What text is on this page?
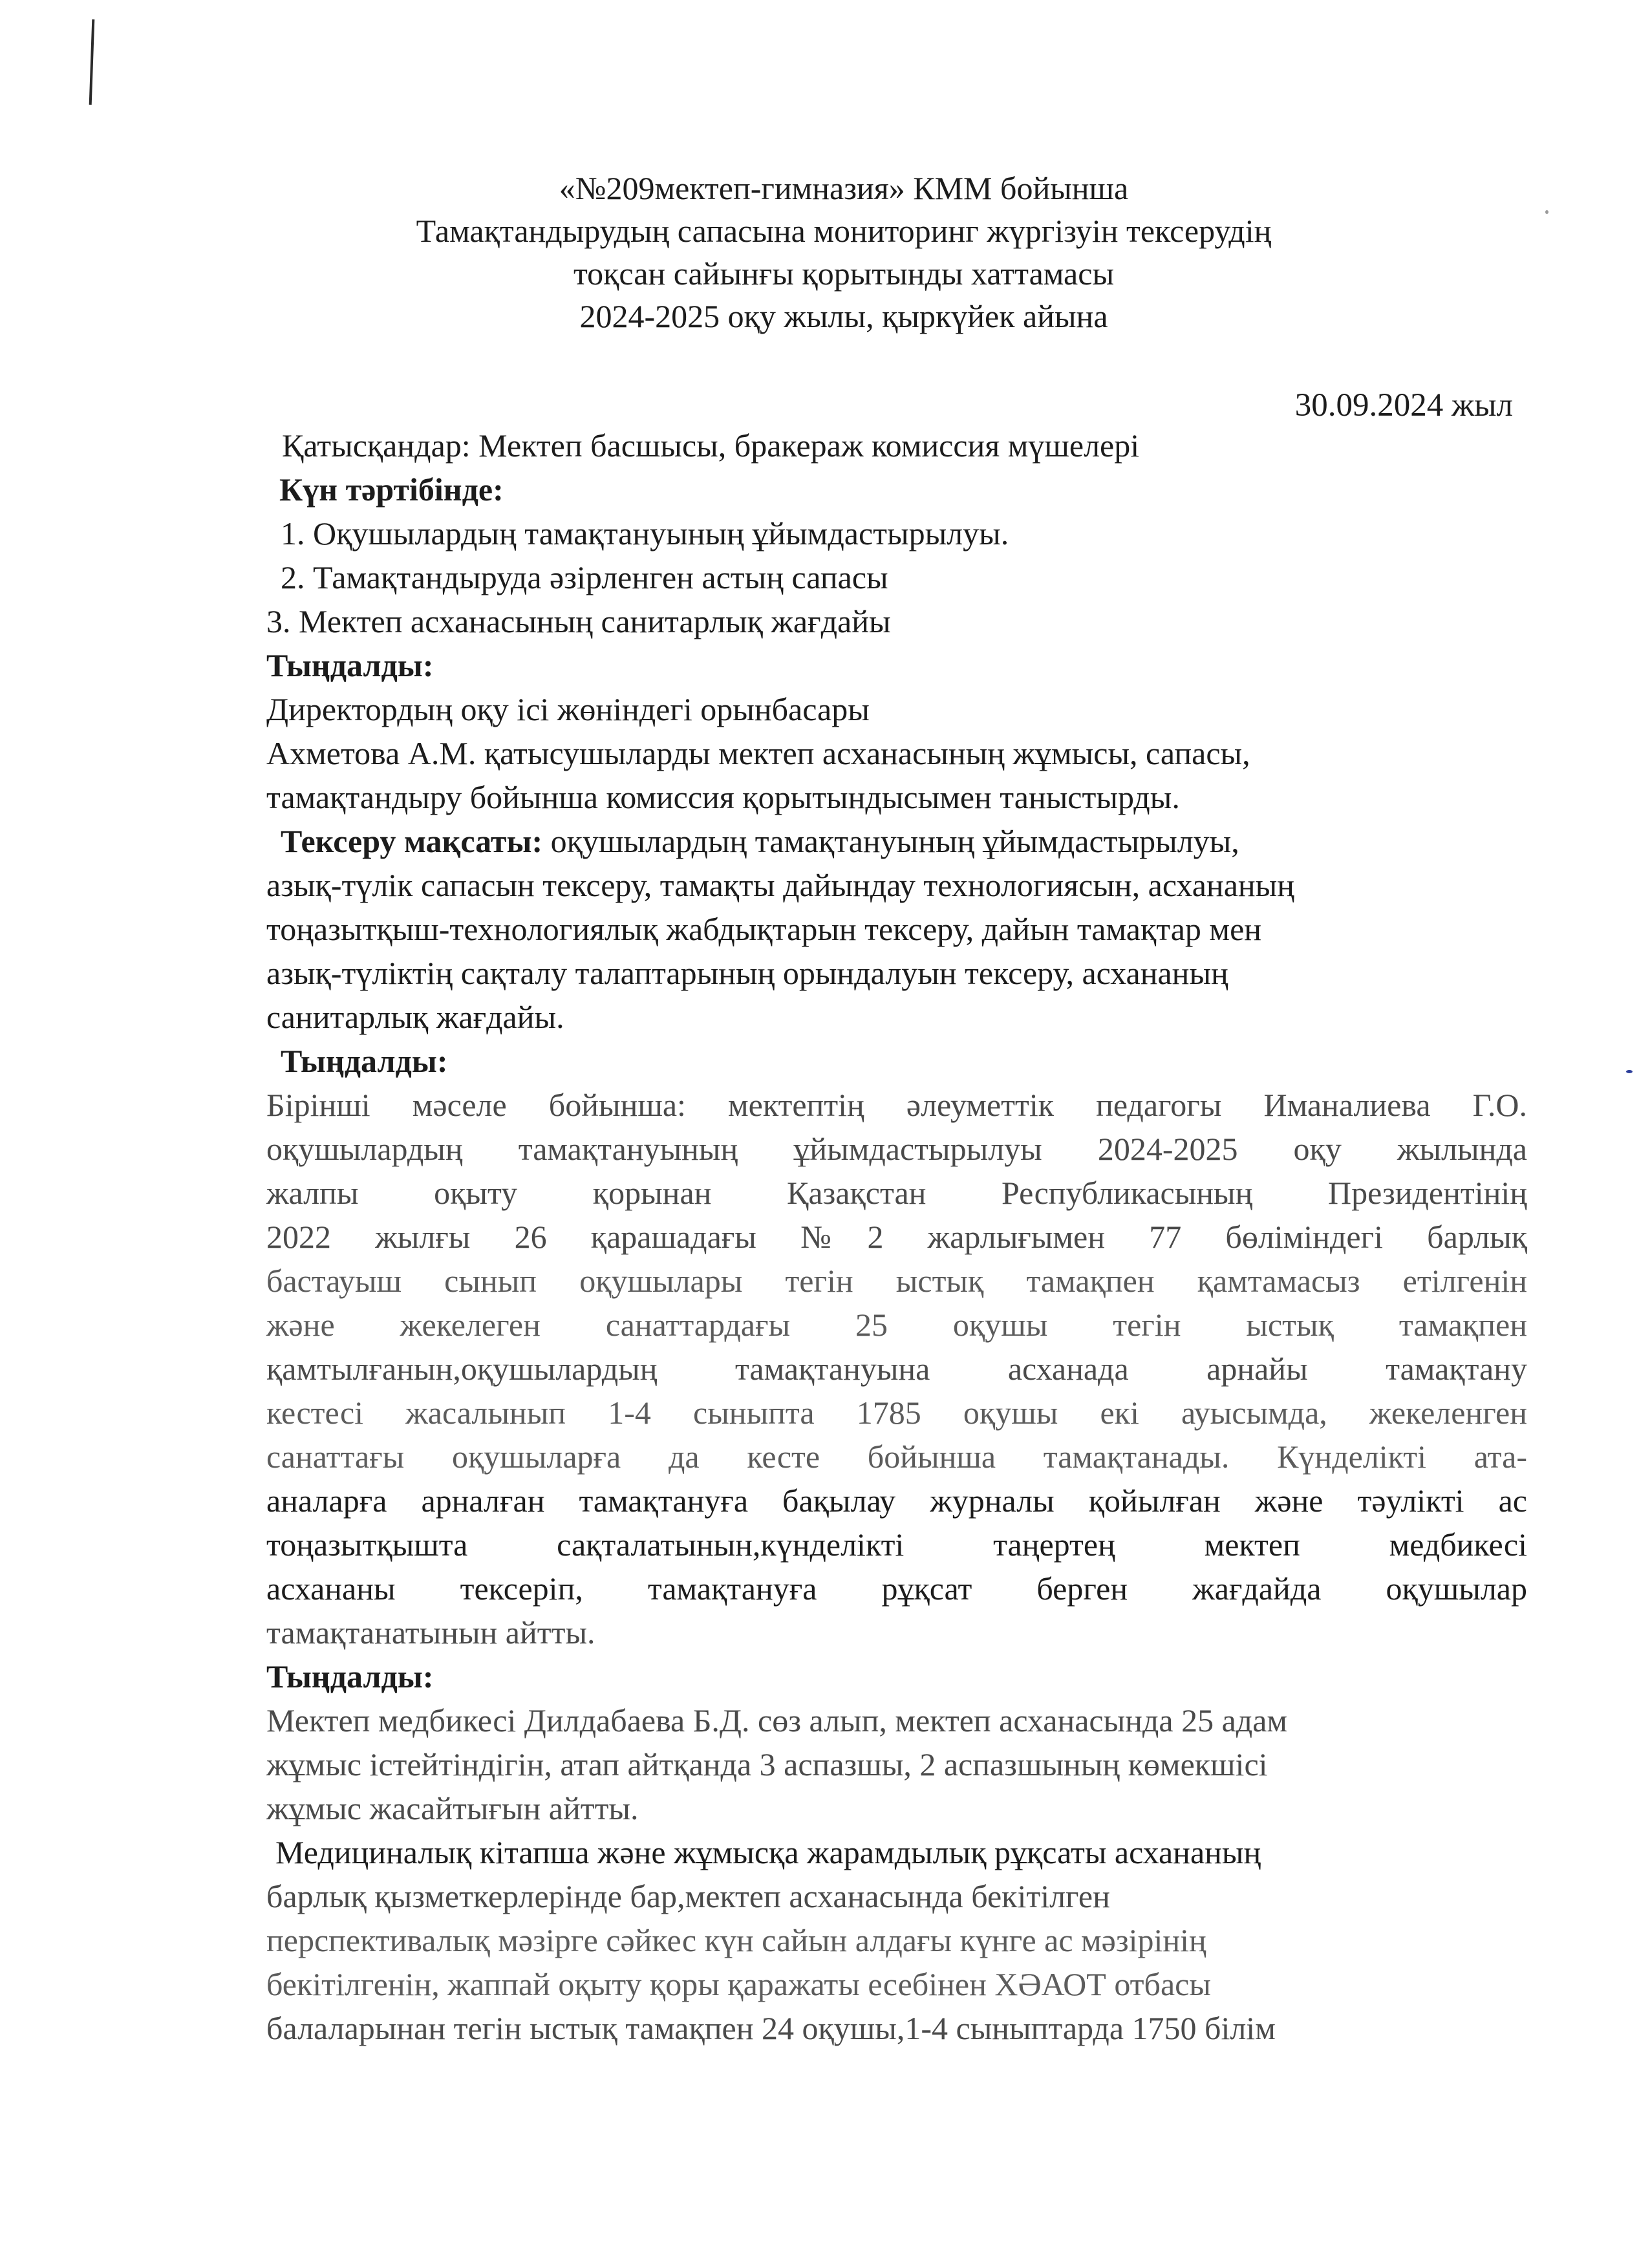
«№209мектеп-гимназия» КММ бойынша
Тамақтандырудың сапасына мониторинг жүргізуін тексерудің
тоқсан сайынғы қорытынды хаттамасы
2024-2025 оқу жылы, қыркүйек айына
30.09.2024 жыл
Қатысқандар: Мектеп басшысы, бракераж комиссия мүшелері
Күн тәртібінде:
1. Оқушылардың тамақтануының ұйымдастырылуы.
2. Тамақтандыруда әзірленген астың сапасы
3. Мектеп асханасының санитарлық жағдайы
Тыңдалды:
Директордың оқу ісі жөніндегі орынбасары
Ахметова А.М. қатысушыларды мектеп асханасының жұмысы, сапасы,
тамақтандыру бойынша комиссия қорытындысымен таныстырды.
Тексеру мақсаты: оқушылардың тамақтануының ұйымдастырылуы,
азық-түлік сапасын тексеру, тамақты дайындау технологиясын, асхананың
тоңазытқыш-технологиялық жабдықтарын тексеру, дайын тамақтар мен
азық-түліктің сақталу талаптарының орындалуын тексеру, асхананың
санитарлық жағдайы.
Тыңдалды:
Бірінші мәселе бойынша: мектептің әлеуметтік педагогы Иманалиева Г.О.
оқушылардың тамақтануының ұйымдастырылуы 2024-2025 оқу жылында
жалпы оқыту қорынан Қазақстан Республикасының Президентінің
2022 жылғы 26 қарашадағы №2 жарлығымен 77 бөліміндегі барлық
бастауыш сынып оқушылары тегін ыстық тамақпен қамтамасыз етілгенін
және жекелеген санаттардағы 25 оқушы тегін ыстық тамақпен
қамтылғанын,оқушылардың тамақтануына асханада арнайы тамақтану
кестесі жасалынып 1-4 сыныпта 1785 оқушы екі ауысымда, жекеленген
санаттағы оқушыларға да кесте бойынша тамақтанады. Күнделікті ата-
аналарға арналған тамақтануға бақылау журналы қойылған және тәулікті ас
тоңазытқышта сақталатынын,күнделікті таңертең мектеп медбикесі
асхананы тексеріп, тамақтануға рұқсат берген жағдайда оқушылар
тамақтанатынын айтты.
Тыңдалды:
Мектеп медбикесі Дилдабаева Б.Д. сөз алып, мектеп асханасында 25 адам
жұмыс істейтіндігін, атап айтқанда 3 аспазшы, 2 аспазшының көмекшісі
жұмыс жасайтығын айтты.
Медициналық кітапша және жұмысқа жарамдылық рұқсаты асхананың
барлық қызметкерлерінде бар,мектеп асханасында бекітілген
перспективалық мәзірге сәйкес күн сайын алдағы күнге ас мәзірінің
бекітілгенін, жаппай оқыту қоры қаражаты есебінен ХӘАОТ отбасы
балаларынан тегін ыстық тамақпен 24 оқушы,1-4 сыныптарда 1750 білім
